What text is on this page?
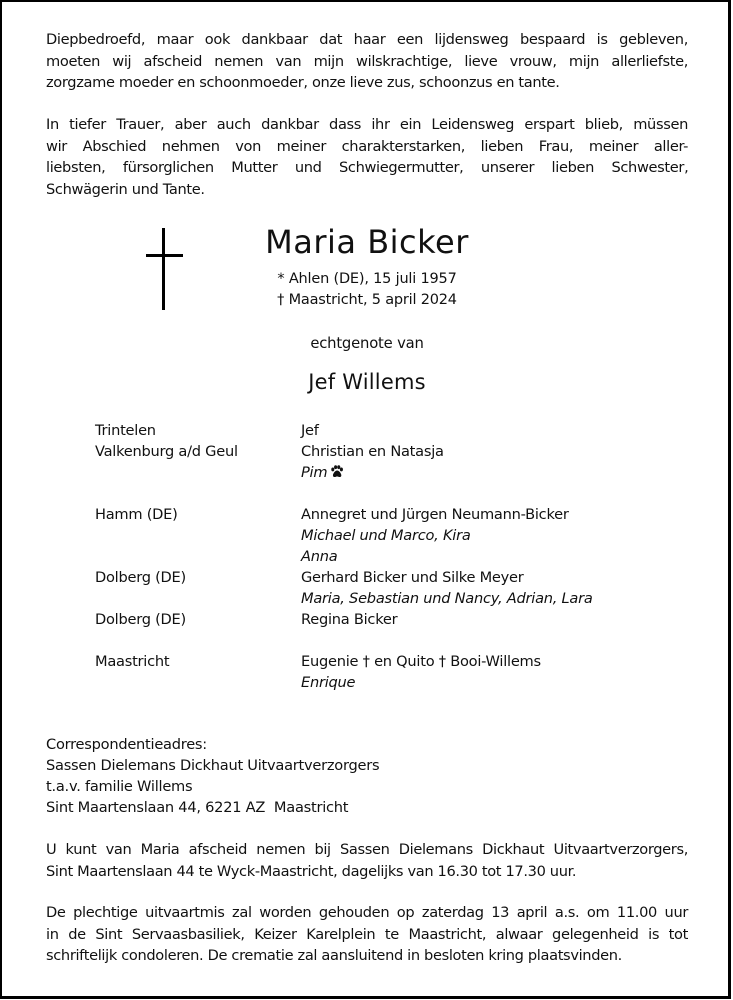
Diepbedroefd, maar ook dankbaar dat haar een lijdensweg bespaard is gebleven,
moeten wij afscheid nemen van mijn wilskrachtige, lieve vrouw, mijn allerliefste,
zorgzame moeder en schoonmoeder, onze lieve zus, schoonzus en tante.
In tiefer Trauer, aber auch dankbar dass ihr ein Leidensweg erspart blieb, müssen
wir Abschied nehmen von meiner charakterstarken, lieben Frau, meiner aller-
liebsten, fürsorglichen Mutter und Schwiegermutter, unserer lieben Schwester,
Schwägerin und Tante.
Maria Bicker
* Ahlen (DE), 15 juli 1957
† Maastricht, 5 april 2024
echtgenote van
Jef Willems
Trintelen	Jef
Valkenburg a/d Geul	Christian en Natasja
Pim
Hamm (DE)	Annegret und Jürgen Neumann-Bicker
Michael und Marco, Kira
Anna
Dolberg (DE)	Gerhard Bicker und Silke Meyer
Maria, Sebastian und Nancy, Adrian, Lara
Dolberg (DE)	Regina Bicker
Maastricht	Eugenie † en Quito † Booi-Willems
Enrique
Correspondentieadres:
Sassen Dielemans Dickhaut Uitvaartverzorgers
t.a.v. familie Willems
Sint Maartenslaan 44, 6221 AZ  Maastricht
U kunt van Maria afscheid nemen bij Sassen Dielemans Dickhaut Uitvaartverzorgers,
Sint Maartenslaan 44 te Wyck-Maastricht, dagelijks van 16.30 tot 17.30 uur.
De plechtige uitvaartmis zal worden gehouden op zaterdag 13 april a.s. om 11.00 uur
in de Sint Servaasbasiliek, Keizer Karelplein te Maastricht, alwaar gelegenheid is tot
schriftelijk condoleren. De crematie zal aansluitend in besloten kring plaatsvinden.
